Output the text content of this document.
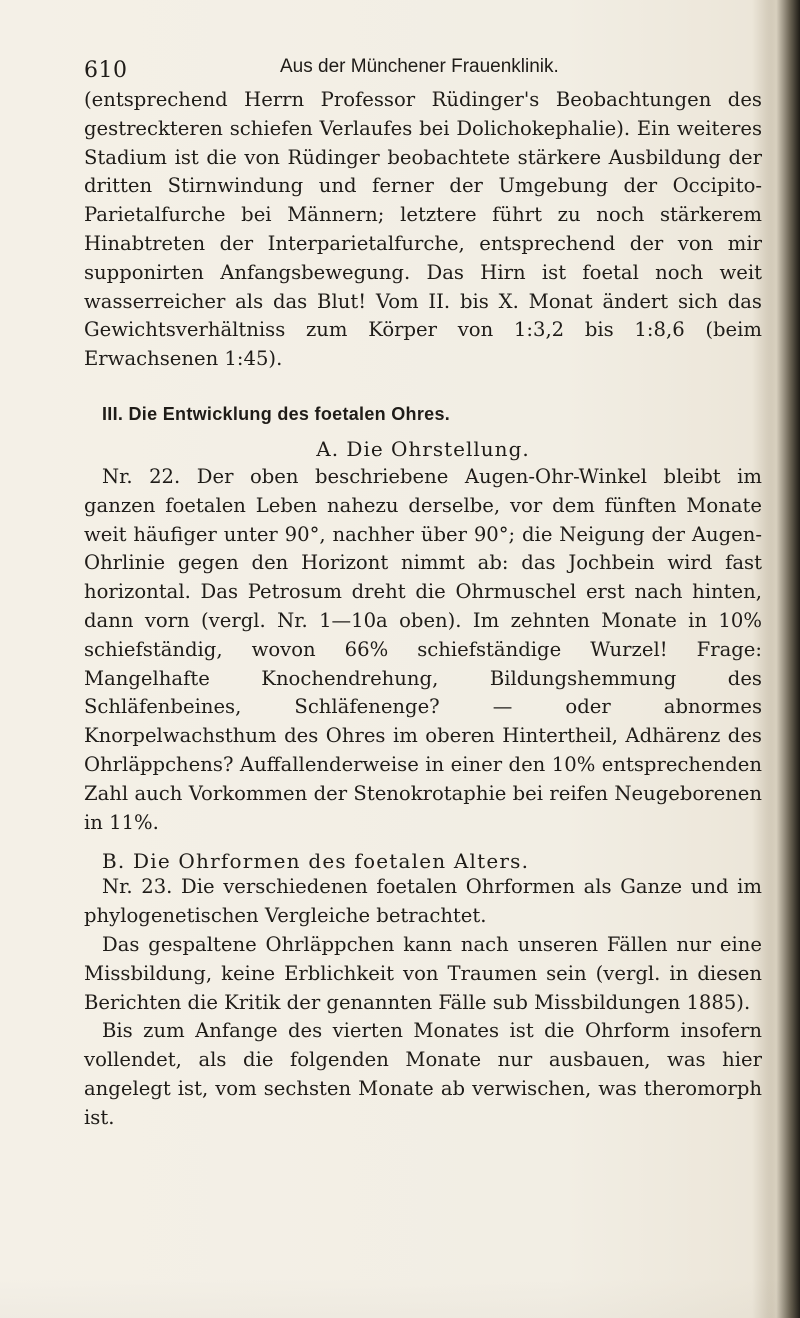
610	Aus der Münchener Frauenklinik.

(entsprechend Herrn Professor Rüdinger's Beobachtungen des gestreckteren schiefen Verlaufes bei Dolichokephalie). Ein weiteres Stadium ist die von Rüdinger beobachtete stärkere Ausbildung der dritten Stirnwindung und ferner der Umgebung der Occipito-Parietalfurche bei Männern; letztere führt zu noch stärkerem Hinabtreten der Interparietalfurche, entsprechend der von mir supponirten Anfangsbewegung. Das Hirn ist foetal noch weit wasserreicher als das Blut! Vom II. bis X. Monat ändert sich das Gewichtsverhältniss zum Körper von 1:3,2 bis 1:8,6 (beim Erwachsenen 1:45).

III. Die Entwicklung des foetalen Ohres.
A. Die Ohrstellung.

Nr. 22. Der oben beschriebene Augen-Ohr-Winkel bleibt im ganzen foetalen Leben nahezu derselbe, vor dem fünften Monate weit häufiger unter 90°, nachher über 90°; die Neigung der Augen-Ohrlinie gegen den Horizont nimmt ab: das Jochbein wird fast horizontal. Das Petrosum dreht die Ohrmuschel erst nach hinten, dann vorn (vergl. Nr. 1—10a oben). Im zehnten Monate in 10% schiefständig, wovon 66% schiefständige Wurzel! Frage: Mangelhafte Knochendrehung, Bildungshemmung des Schläfenbeines, Schläfenenge? — oder abnormes Knorpelwachsthum des Ohres im oberen Hintertheil, Adhärenz des Ohrläppchens? Auffallenderweise in einer den 10% entsprechenden Zahl auch Vorkommen der Stenokrotaphie bei reifen Neugeborenen in 11%.

B. Die Ohrformen des foetalen Alters.

Nr. 23. Die verschiedenen foetalen Ohrformen als Ganze und im phylogenetischen Vergleiche betrachtet.

Das gespaltene Ohrläppchen kann nach unseren Fällen nur eine Missbildung, keine Erblichkeit von Traumen sein (vergl. in diesen Berichten die Kritik der genannten Fälle sub Missbildungen 1885).

Bis zum Anfange des vierten Monates ist die Ohrform insofern vollendet, als die folgenden Monate nur ausbauen, was hier angelegt ist, vom sechsten Monate ab verwischen, was theromorph ist.
